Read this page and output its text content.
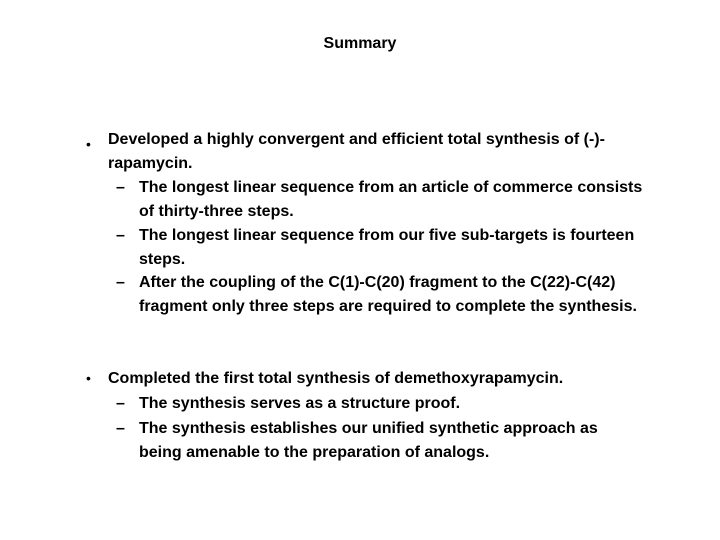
Summary
• Developed a highly convergent and efficient total synthesis of (-)-rapamycin.
– The longest linear sequence from an article of commerce consists of thirty-three steps.
– The longest linear sequence from our five sub-targets is fourteen steps.
– After the coupling of the C(1)-C(20) fragment to the C(22)-C(42) fragment only three steps are required to complete the synthesis.
• Completed the first total synthesis of demethoxyrapamycin.
– The synthesis serves as a structure proof.
– The synthesis establishes our unified synthetic approach as being amenable to the preparation of analogs.
